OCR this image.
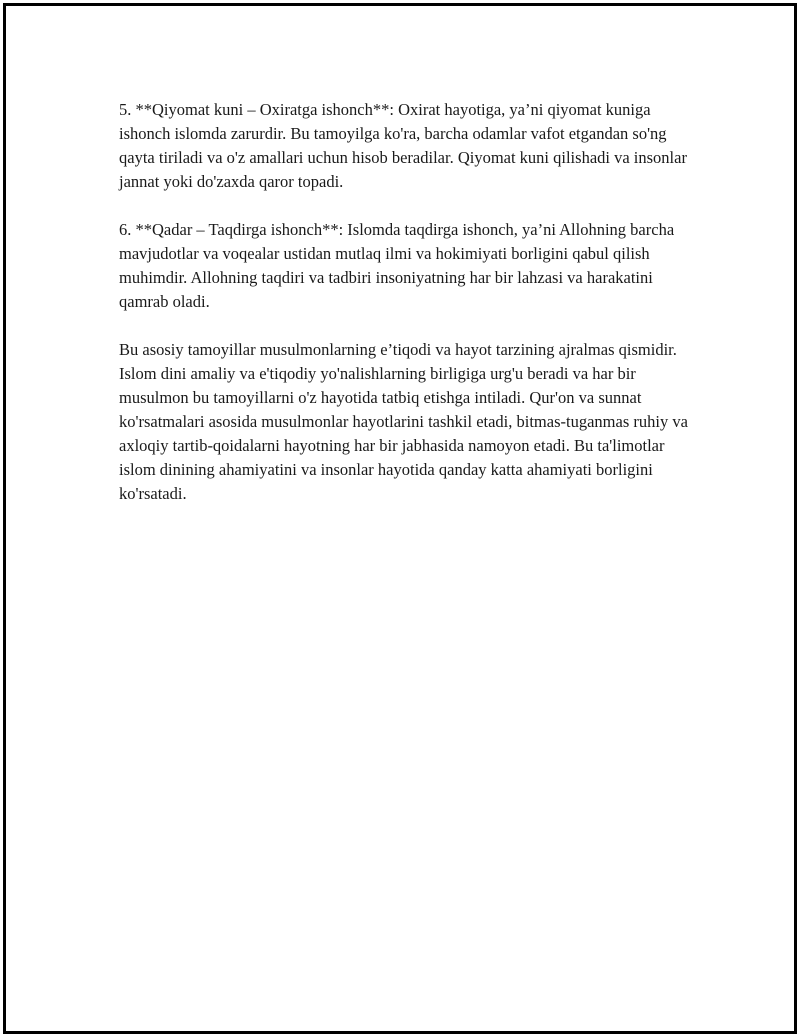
5. **Qiyomat kuni – Oxiratga ishonch**: Oxirat hayotiga, ya’ni qiyomat kuniga ishonch islomda zarurdir. Bu tamoyilga ko'ra, barcha odamlar vafot etgandan so'ng qayta tiriladi va o'z amallari uchun hisob beradilar. Qiyomat kuni qilishadi va insonlar jannat yoki do'zaxda qaror topadi.

6. **Qadar – Taqdirga ishonch**: Islomda taqdirga ishonch, ya’ni Allohning barcha mavjudotlar va voqealar ustidan mutlaq ilmi va hokimiyati borligini qabul qilish muhimdir. Allohning taqdiri va tadbiri insoniyatning har bir lahzasi va harakatini qamrab oladi.

Bu asosiy tamoyillar musulmonlarning e’tiqodi va hayot tarzining ajralmas qismidir. Islom dini amaliy va e'tiqodiy yo'nalishlarning birligiga urg'u beradi va har bir musulmon bu tamoyillarni o'z hayotida tatbiq etishga intiladi. Qur'on va sunnat ko'rsatmalari asosida musulmonlar hayotlarini tashkil etadi, bitmas-tuganmas ruhiy va axloqiy tartib-qoidalarni hayotning har bir jabhasida namoyon etadi. Bu ta'limotlar islom dinining ahamiyatini va insonlar hayotida qanday katta ahamiyati borligini ko'rsatadi.
